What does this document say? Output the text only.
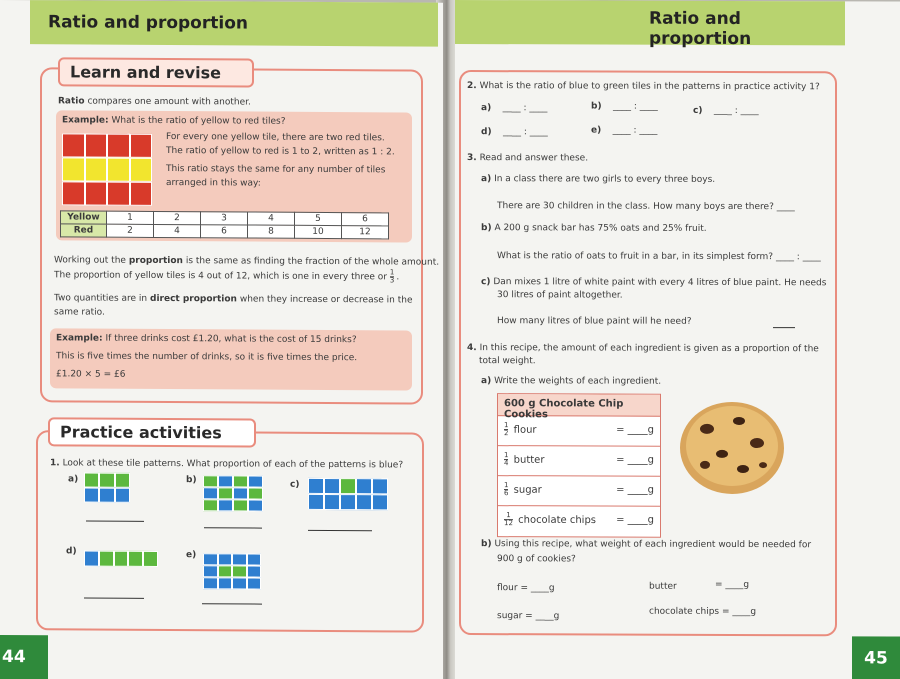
Ratio and proportion
44
Learn and revise
Ratio compares one amount with another.
Example: What is the ratio of yellow to red tiles?
For every one yellow tile, there are two red tiles.
The ratio of yellow to red is 1 to 2, written as 1 : 2.
This ratio stays the same for any number of tiles
arranged in this way:
Yellow	1	2	3	4	5	6
Red	2	4	6	8	10	12
Working out the proportion is the same as finding the fraction of the whole amount.
The proportion of yellow tiles is 4 out of 12, which is one in every three or $\frac{1}{3}$ .
Two quantities are in direct proportion when they increase or decrease in the
same ratio.
Example: If three drinks cost £1.20, what is the cost of 15 drinks?
This is five times the number of drinks, so it is five times the price.
£1.20 × 5 = £6
Practice activities
1. Look at these tile patterns. What proportion of each of the patterns is blue?
a)	b)	c)
d)	e)
Ratio and proportion
45
2. What is the ratio of blue to green tiles in the patterns in practice activity 1?
a)    ____ : ____	b)    ____ : ____	c)    ____ : ____
d)    ____ : ____	e)    ____ : ____
3. Read and answer these.
a) In a class there are two girls to every three boys.
There are 30 children in the class. How many boys are there? ____
b) A 200 g snack bar has 75% oats and 25% fruit.
What is the ratio of oats to fruit in a bar, in its simplest form? ____ : ____
c) Dan mixes 1 litre of white paint with every 4 litres of blue paint. He needs
30 litres of paint altogether.
How many litres of blue paint will he need?
4. In this recipe, the amount of each ingredient is given as a proportion of the
total weight.
a) Write the weights of each ingredient.
600 g Chocolate Chip Cookies
$\frac{1}{2}$ flour	= ____g
$\frac{1}{4}$ butter	= ____g
$\frac{1}{6}$ sugar	= ____g
$\frac{1}{12}$ chocolate chips = ____g
b) Using this recipe, what weight of each ingredient would be needed for
900 g of cookies?
flour = ____g	butter	= ____g
sugar = ____g	chocolate chips = ____g
